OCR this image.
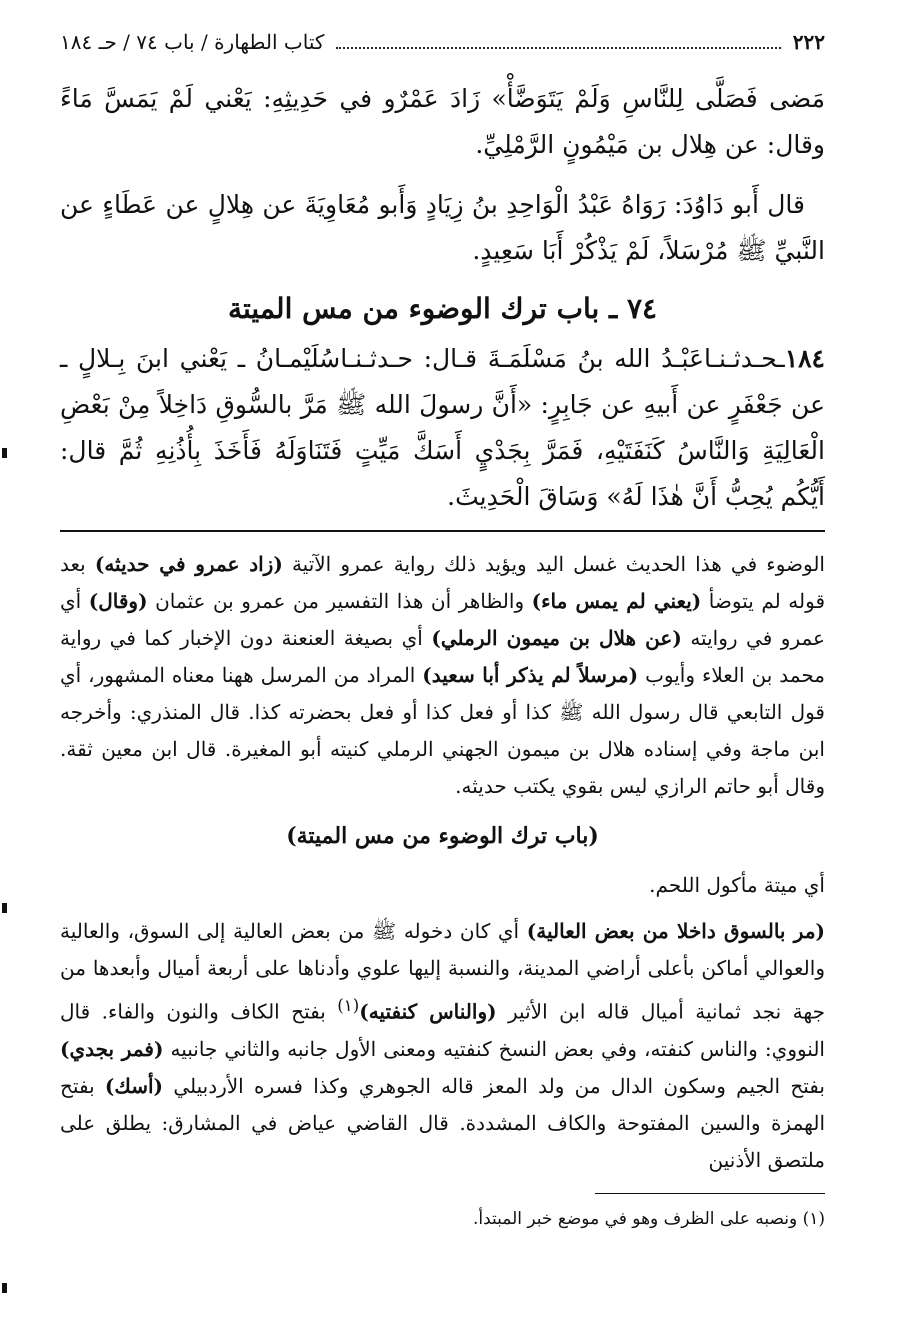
٢٢٢
كتاب الطهارة / باب ٧٤ / حـ ١٨٤

مَضى فَصَلَّى لِلنَّاسِ وَلَمْ يَتَوَضَّأْ» زَادَ عَمْرٌو في حَدِيثِهِ: يَعْني لَمْ يَمَسَّ مَاءً وقال: عن هِلال بن مَيْمُونٍ الرَّمْلِيِّ.

قال أَبو دَاوُدَ: رَوَاهُ عَبْدُ الْوَاحِدِ بنُ زِيَادٍ وَأَبو مُعَاوِيَةَ عن هِلالٍ عن عَطَاءٍ عن النَّبيِّ ﷺ مُرْسَلاً، لَمْ يَذْكُرْ أَبَا سَعِيدٍ.

٧٤ ـ باب ترك الوضوء من مس الميتة

١٨٤ـحـدثـنـاعَبْـدُ الله بنُ مَسْلَمَـةَ قـال: حـدثـنـاسُلَيْمـانُ ـ يَعْني ابنَ بِـلالٍ ـ عن جَعْفَرٍ عن أَبيهِ عن جَابِرٍ: «أَنَّ رسولَ الله ﷺ مَرَّ بالسُّوقِ دَاخِلاً مِنْ بَعْضِ الْعَالِيَةِ وَالنَّاسُ كَنَفَتَيْهِ، فَمَرَّ بِجَدْيٍ أَسَكَّ مَيِّتٍ فَتَنَاوَلَهُ فَأَخَذَ بِأُذُنِهِ ثُمَّ قال: أَيُّكُم يُحِبُّ أَنَّ هٰذَا لَهُ» وَسَاقَ الْحَدِيثَ.

الوضوء في هذا الحديث غسل اليد ويؤيد ذلك رواية عمرو الآتية (زاد عمرو في حديثه) بعد قوله لم يتوضأ (يعني لم يمس ماء) والظاهر أن هذا التفسير من عمرو بن عثمان (وقال) أي عمرو في روايته (عن هلال بن ميمون الرملي) أي بصيغة العنعنة دون الإخبار كما في رواية محمد بن العلاء وأيوب (مرسلاً لم يذكر أبا سعيد) المراد من المرسل ههنا معناه المشهور، أي قول التابعي قال رسول الله ﷺ كذا أو فعل كذا أو فعل بحضرته كذا. قال المنذري: وأخرجه ابن ماجة وفي إسناده هلال بن ميمون الجهني الرملي كنيته أبو المغيرة. قال ابن معين ثقة. وقال أبو حاتم الرازي ليس بقوي يكتب حديثه.

(باب ترك الوضوء من مس الميتة)

أي ميتة مأكول اللحم.

(مر بالسوق داخلا من بعض العالية) أي كان دخوله ﷺ من بعض العالية إلى السوق، والعالية والعوالي أماكن بأعلى أراضي المدينة، والنسبة إليها علوي وأدناها على أربعة أميال وأبعدها من جهة نجد ثمانية أميال قاله ابن الأثير (والناس كنفتيه)$^{(١)}$ بفتح الكاف والنون والفاء. قال النووي: والناس كنفته، وفي بعض النسخ كنفتيه ومعنى الأول جانبه والثاني جانبيه (فمر بجدي) بفتح الجيم وسكون الدال من ولد المعز قاله الجوهري وكذا فسره الأردبيلي (أسك) بفتح الهمزة والسين المفتوحة والكاف المشددة. قال القاضي عياض في المشارق: يطلق على ملتصق الأذنين

(١) ونصبه على الظرف وهو في موضع خبر المبتدأ.
